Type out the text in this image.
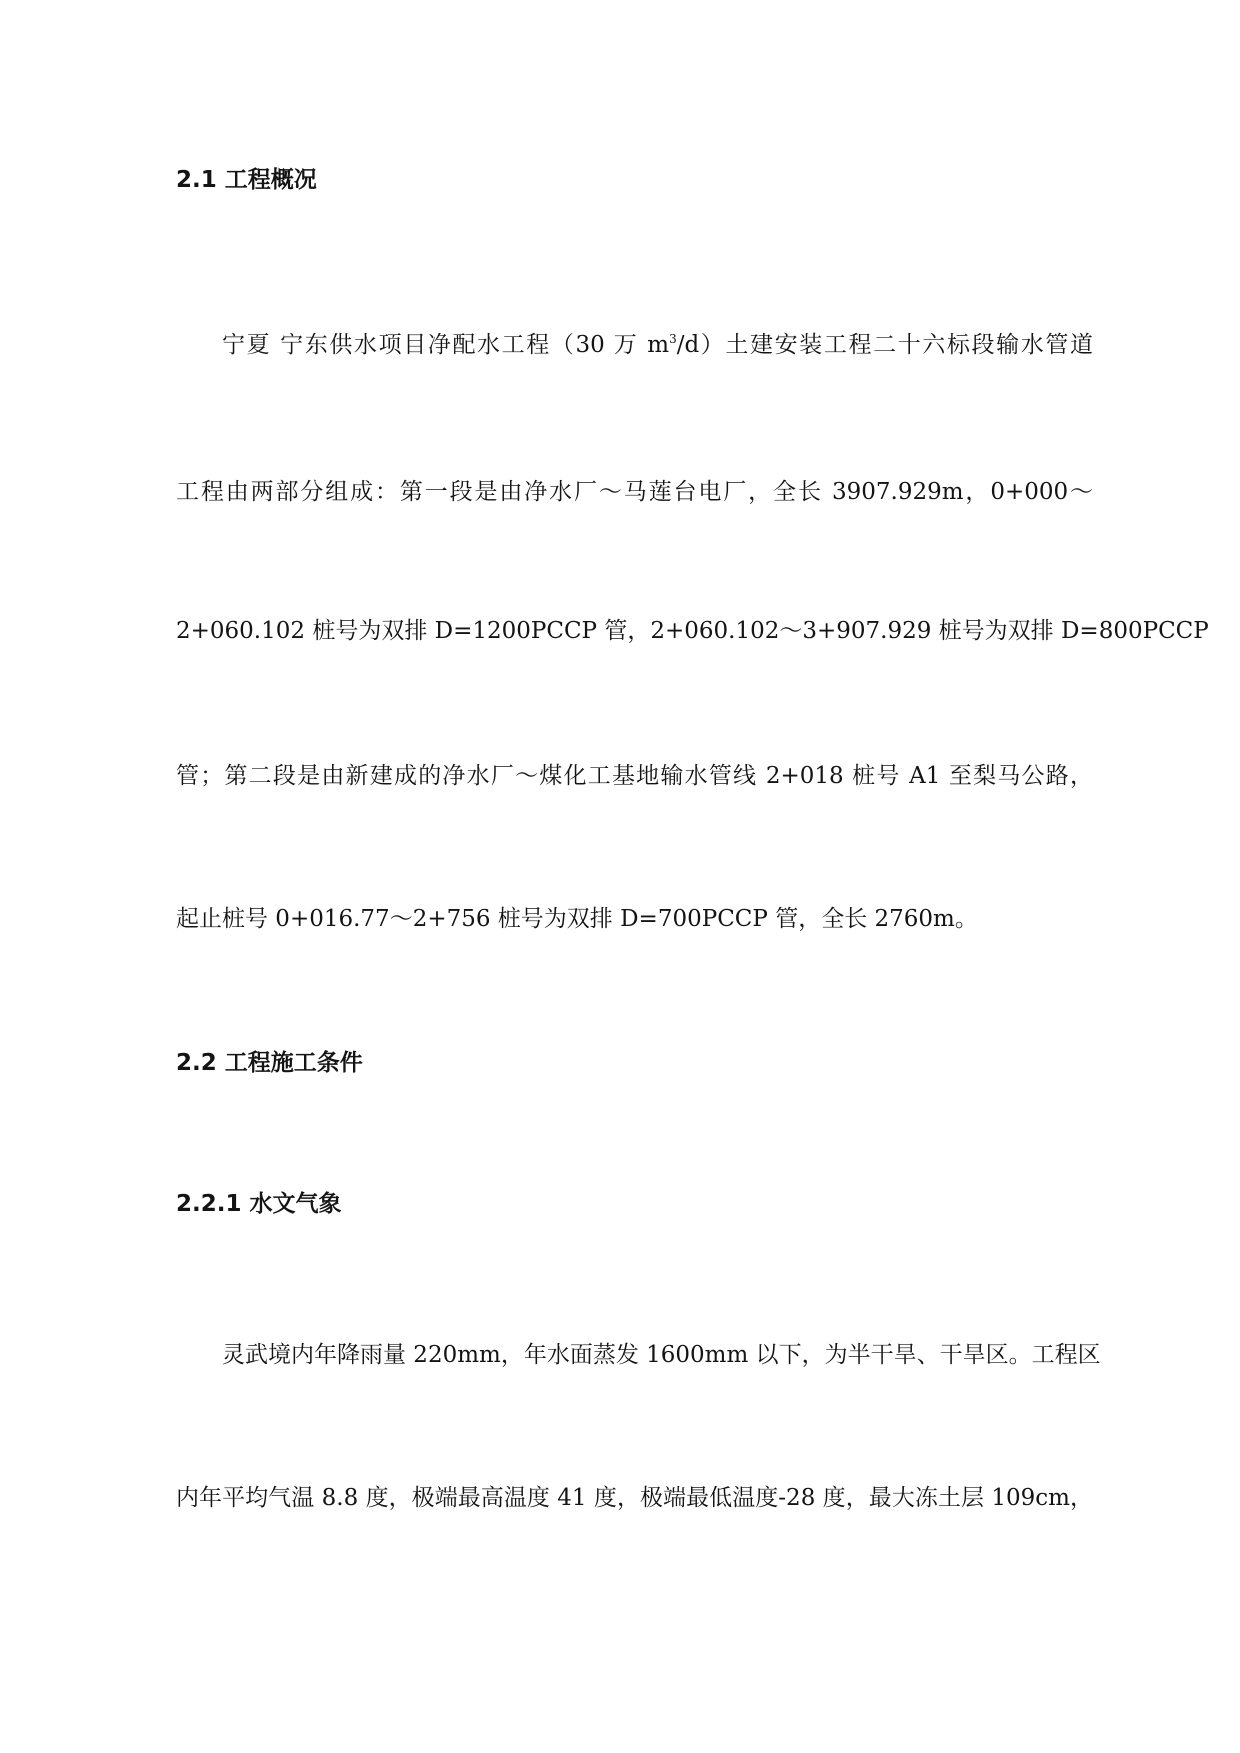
2.1 工程概况
宁夏 宁东供水项目净配水工程（30 万 $m^3/d$）土建安装工程二十六标段输水管道
工程由两部分组成：第一段是由净水厂～马莲台电厂，全长 3907.929m，0+000～
2+060.102 桩号为双排 D=1200PCCP 管，2+060.102～3+907.929 桩号为双排 D=800PCCP
管；第二段是由新建成的净水厂～煤化工基地输水管线 2+018 桩号 A1 至梨马公路，
起止桩号 0+016.77～2+756 桩号为双排 D=700PCCP 管，全长 2760m。
2.2 工程施工条件
2.2.1 水文气象
灵武境内年降雨量 220mm，年水面蒸发 1600mm 以下，为半干旱、干旱区。工程区
内年平均气温 8.8 度，极端最高温度 41 度，极端最低温度-28 度，最大冻土层 109cm，
